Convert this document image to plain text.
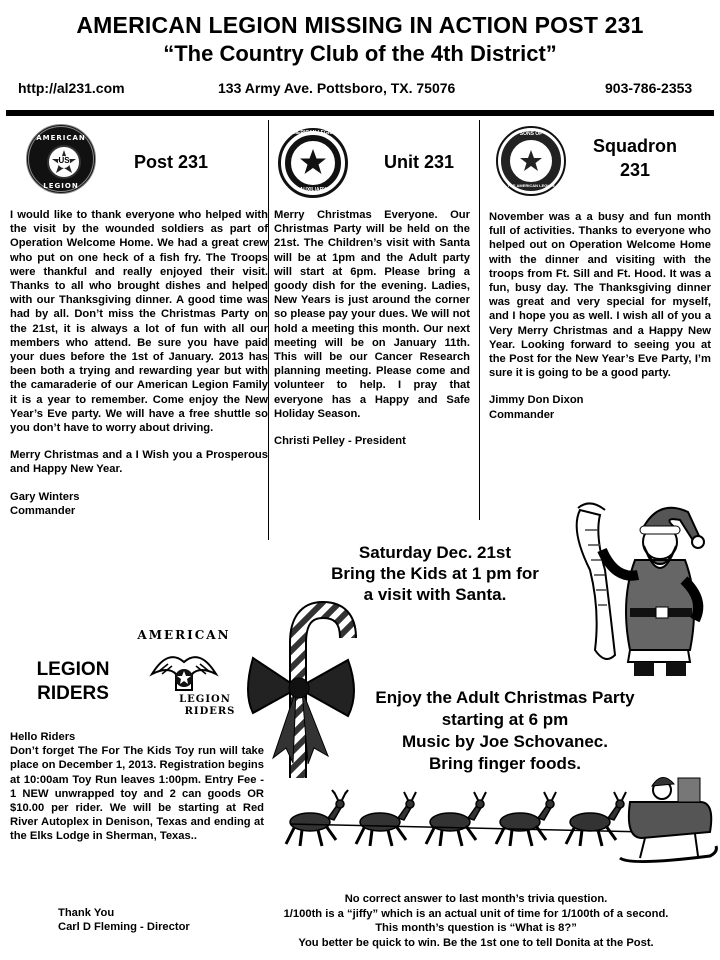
AMERICAN LEGION MISSING IN ACTION POST 231
“The Country Club of the 4th District”
http://al231.com	133 Army Ave. Pottsboro, TX. 75076	903-786-2353
AMERICAN
US
LEGION
Post 231

I would like to thank everyone who helped with the visit by the wounded soldiers as part of Operation Welcome Home. We had a great crew who put on one heck of a fish fry. The Troops were thankful and really enjoyed their visit. Thanks to all who brought dishes and helped with our Thanksgiving dinner. A good time was had by all. Don’t miss the Christmas Party on the 21st, it is always a lot of fun with all our members who attend. Be sure you have paid your dues before the 1st of January. 2013 has been both a trying and rewarding year but with the camaraderie of our American Legion Family it is a year to remember. Come enjoy the New Year’s Eve party. We will have a free shuttle so you don’t have to worry about driving.

Merry Christmas and a I Wish you a Prosperous and Happy New Year.

Gary Winters
Commander
AMERICAN LEGION
AUXILIARY
Unit 231

Merry Christmas Everyone. Our Christmas Party will be held on the 21st. The Children’s visit with Santa will be at 1pm and the Adult party will start at 6pm. Please bring a goody dish for the evening. Ladies, New Years is just around the corner so please pay your dues. We will not hold a meeting this month. Our next meeting will be on January 11th. This will be our Cancer Research planning meeting. Please come and volunteer to help. I pray that everyone has a Happy and Safe Holiday Season.

Christi Pelley - President
SONS OF
THE AMERICAN LEGION
Squadron
231

November was a a busy and fun month full of activities. Thanks to everyone who helped out on Operation Welcome Home with the dinner and visiting with the troops from Ft. Sill and Ft. Hood. It was a fun, busy day. The Thanksgiving dinner was great and very special for myself, and I hope you as well. I wish all of you a Very Merry Christmas and a Happy New Year. Looking forward to seeing you at the Post for the New Year’s Eve Party, I’m sure it is going to be a good party.

Jimmy Don Dixon
Commander
Saturday Dec. 21st
Bring the Kids at 1 pm for
a visit with Santa.
LEGION
RIDERS
AMERICAN
LEGION
RIDERS
Hello Riders

Don’t forget The For The Kids Toy run will take place on December 1, 2013. Registration begins at 10:00am Toy Run leaves 1:00pm. Entry Fee - 1 NEW unwrapped toy and 2 can goods OR $10.00 per rider. We will be starting at Red River Autoplex in Denison, Texas and ending at the Elks Lodge in Sherman, Texas..

Thank You
Carl D Fleming - Director
Enjoy the Adult Christmas Party
starting at 6 pm
Music by Joe Schovanec.
Bring finger foods.
No correct answer to last month’s trivia question.
1/100th is a “jiffy” which is an actual unit of time for 1/100th of a second.
This month’s question is “What is 8?”
You better be quick to win. Be the 1st one to tell Donita at the Post.
